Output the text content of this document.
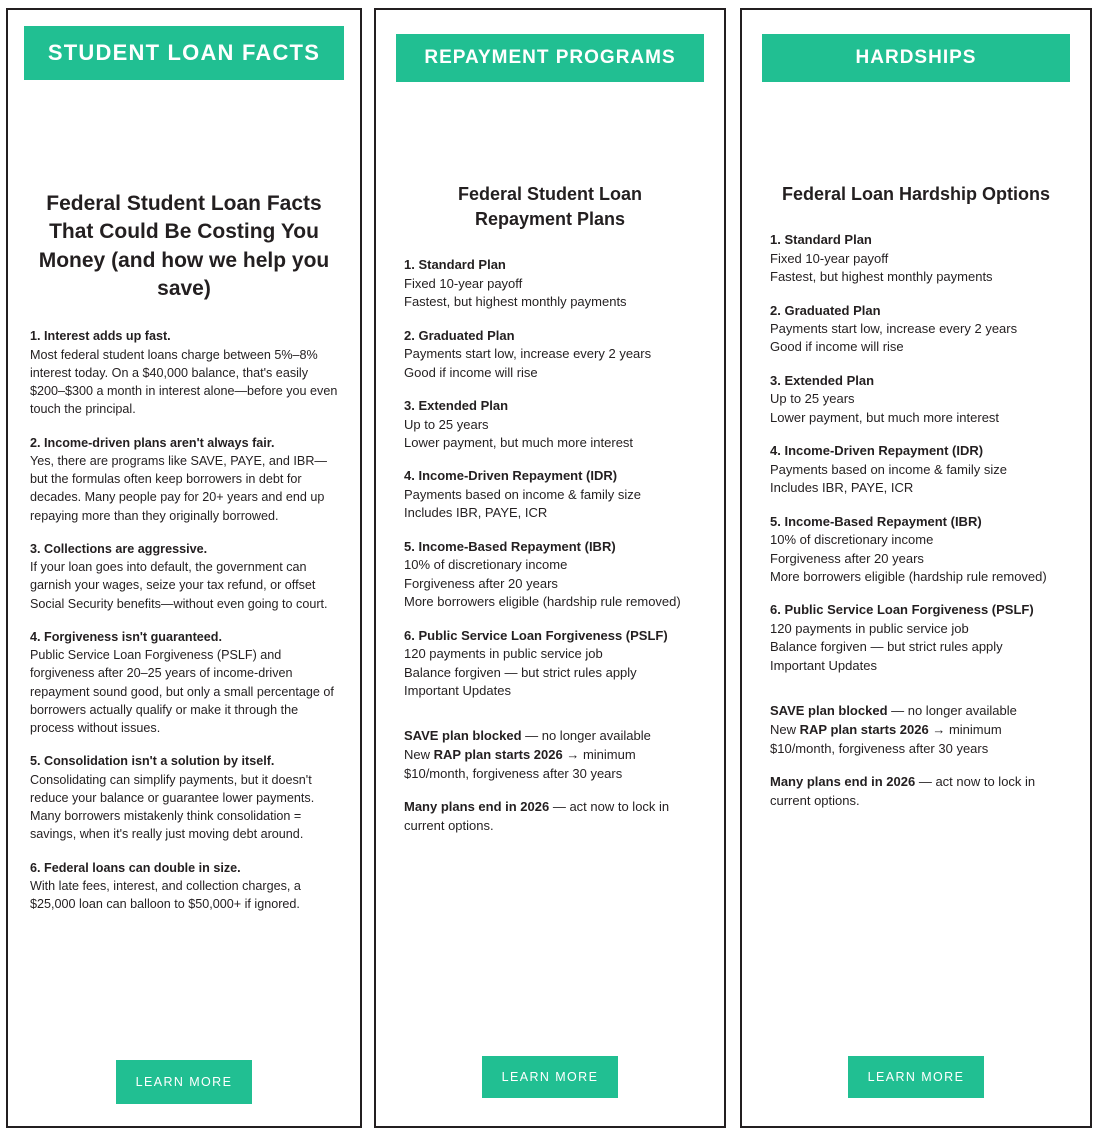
STUDENT LOAN FACTS
Federal Student Loan Facts That Could Be Costing You Money (and how we help you save)
1. Interest adds up fast.
Most federal student loans charge between 5%–8% interest today. On a $40,000 balance, that's easily $200–$300 a month in interest alone—before you even touch the principal.
2. Income-driven plans aren't always fair.
Yes, there are programs like SAVE, PAYE, and IBR—but the formulas often keep borrowers in debt for decades. Many people pay for 20+ years and end up repaying more than they originally borrowed.
3. Collections are aggressive.
If your loan goes into default, the government can garnish your wages, seize your tax refund, or offset Social Security benefits—without even going to court.
4. Forgiveness isn't guaranteed.
Public Service Loan Forgiveness (PSLF) and forgiveness after 20–25 years of income-driven repayment sound good, but only a small percentage of borrowers actually qualify or make it through the process without issues.
5. Consolidation isn't a solution by itself.
Consolidating can simplify payments, but it doesn't reduce your balance or guarantee lower payments. Many borrowers mistakenly think consolidation = savings, when it's really just moving debt around.
6. Federal loans can double in size.
With late fees, interest, and collection charges, a $25,000 loan can balloon to $50,000+ if ignored.
LEARN MORE
REPAYMENT PROGRAMS
Federal Student Loan Repayment Plans
1. Standard Plan
Fixed 10-year payoff
Fastest, but highest monthly payments
2. Graduated Plan
Payments start low, increase every 2 years
Good if income will rise
3. Extended Plan
Up to 25 years
Lower payment, but much more interest
4. Income-Driven Repayment (IDR)
Payments based on income & family size
Includes IBR, PAYE, ICR
5. Income-Based Repayment (IBR)
10% of discretionary income
Forgiveness after 20 years
More borrowers eligible (hardship rule removed)
6. Public Service Loan Forgiveness (PSLF)
120 payments in public service job
Balance forgiven — but strict rules apply
Important Updates
SAVE plan blocked — no longer available
New RAP plan starts 2026 → minimum $10/month, forgiveness after 30 years
Many plans end in 2026 — act now to lock in current options.
LEARN MORE
HARDSHIPS
Federal Loan Hardship Options
1. Standard Plan
Fixed 10-year payoff
Fastest, but highest monthly payments
2. Graduated Plan
Payments start low, increase every 2 years
Good if income will rise
3. Extended Plan
Up to 25 years
Lower payment, but much more interest
4. Income-Driven Repayment (IDR)
Payments based on income & family size
Includes IBR, PAYE, ICR
5. Income-Based Repayment (IBR)
10% of discretionary income
Forgiveness after 20 years
More borrowers eligible (hardship rule removed)
6. Public Service Loan Forgiveness (PSLF)
120 payments in public service job
Balance forgiven — but strict rules apply
Important Updates
SAVE plan blocked — no longer available
New RAP plan starts 2026 → minimum $10/month, forgiveness after 30 years
Many plans end in 2026 — act now to lock in current options.
LEARN MORE
